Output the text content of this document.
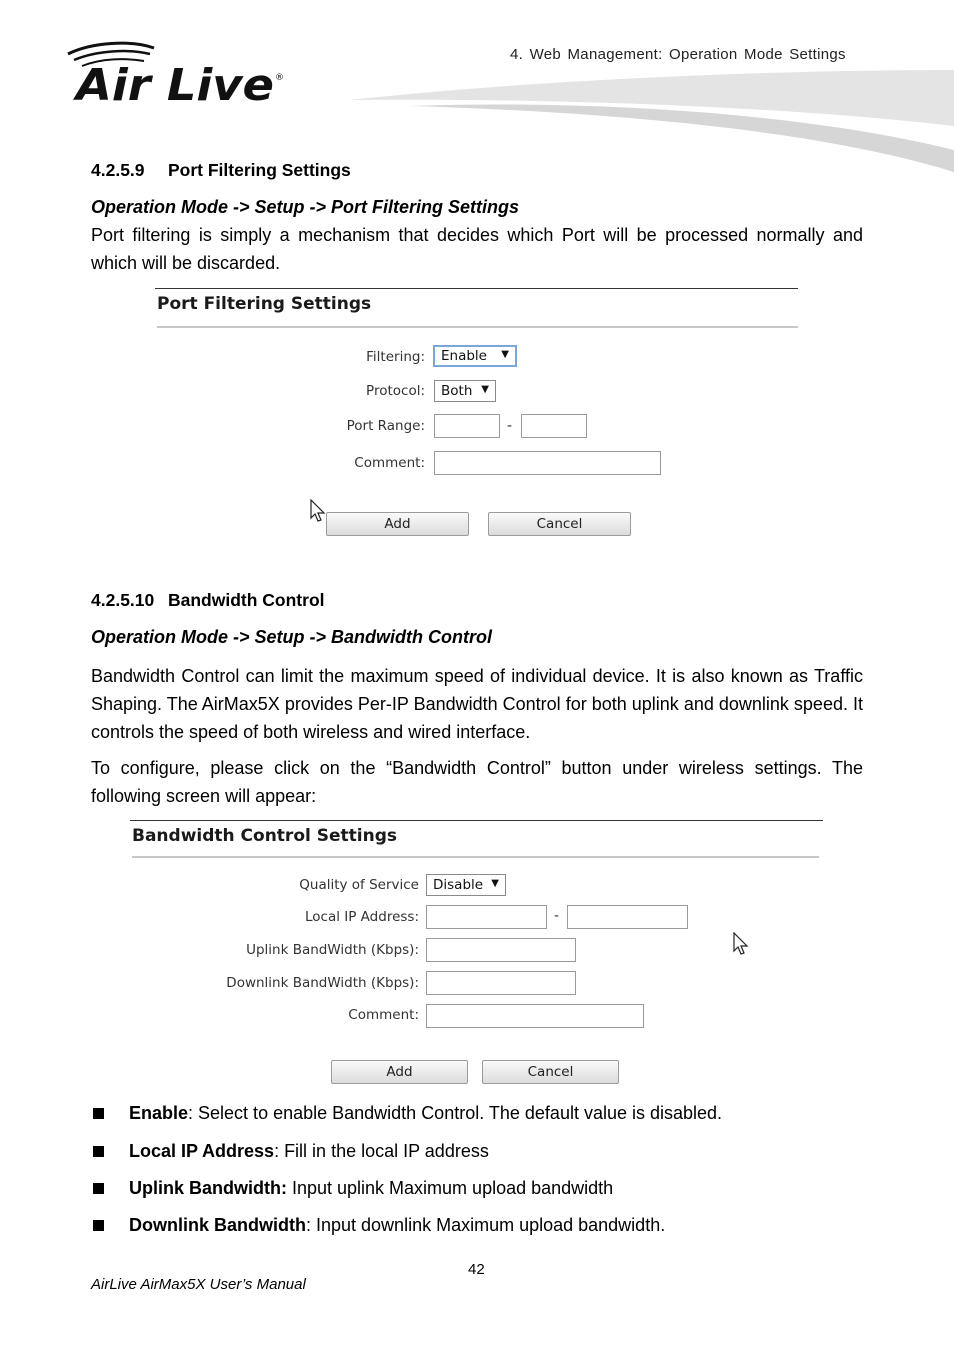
Air Live ®
4. Web Management: Operation Mode Settings
4.2.5.9 Port Filtering Settings
Operation Mode -> Setup -> Port Filtering Settings
Port filtering is simply a mechanism that decides which Port will be processed normally and which will be discarded.
Port Filtering Settings
Filtering:	Enable ▼
Protocol:	Both ▼
Port Range:	-
Comment:
Add	Cancel
4.2.5.10 Bandwidth Control
Operation Mode -> Setup -> Bandwidth Control
Bandwidth Control can limit the maximum speed of individual device. It is also known as Traffic Shaping. The AirMax5X provides Per-IP Bandwidth Control for both uplink and downlink speed. It controls the speed of both wireless and wired interface.
To configure, please click on the “Bandwidth Control” button under wireless settings. The following screen will appear:
Bandwidth Control Settings
Quality of Service	Disable ▼
Local IP Address:	-
Uplink BandWidth (Kbps):
Downlink BandWidth (Kbps):
Comment:
Add	Cancel
Enable: Select to enable Bandwidth Control. The default value is disabled.
Local IP Address: Fill in the local IP address
Uplink Bandwidth: Input uplink Maximum upload bandwidth
Downlink Bandwidth: Input downlink Maximum upload bandwidth.
42
AirLive AirMax5X User’s Manual
